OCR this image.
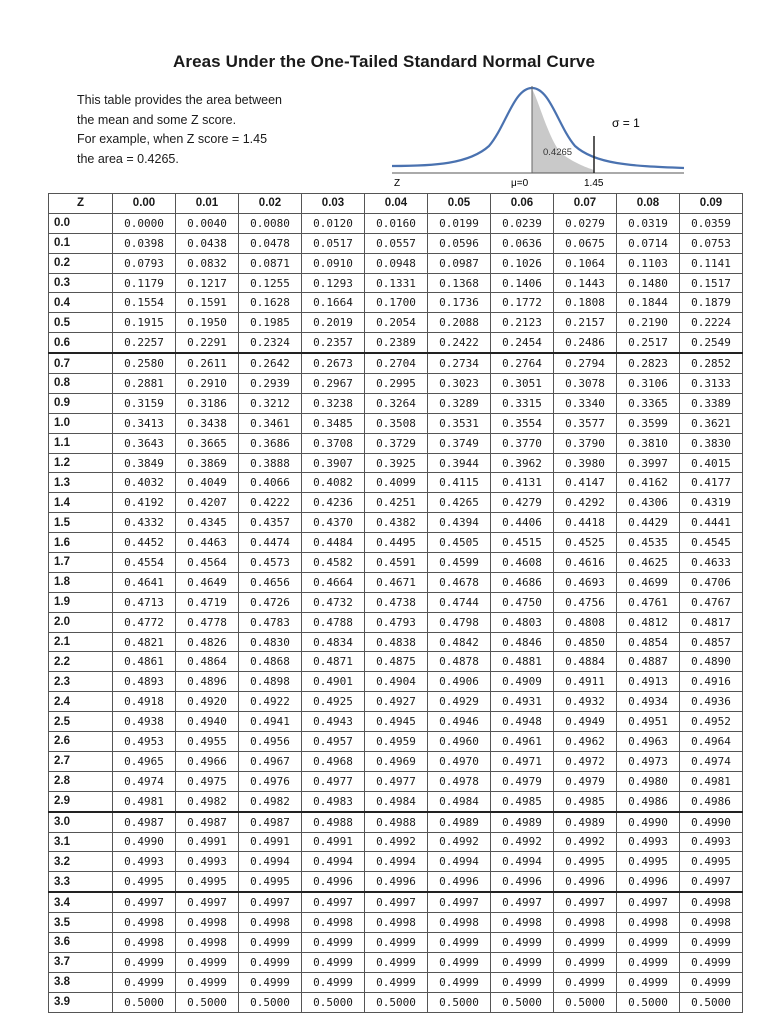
Areas Under the One-Tailed Standard Normal Curve
This table provides the area between
the mean and some Z score.
For example, when Z score = 1.45
the area = 0.4265.
σ = 1
0.4265
Z	μ=0	1.45
Z	0.00	0.01	0.02	0.03	0.04	0.05	0.06	0.07	0.08	0.09
0.0	0.0000	0.0040	0.0080	0.0120	0.0160	0.0199	0.0239	0.0279	0.0319	0.0359
0.1	0.0398	0.0438	0.0478	0.0517	0.0557	0.0596	0.0636	0.0675	0.0714	0.0753
0.2	0.0793	0.0832	0.0871	0.0910	0.0948	0.0987	0.1026	0.1064	0.1103	0.1141
0.3	0.1179	0.1217	0.1255	0.1293	0.1331	0.1368	0.1406	0.1443	0.1480	0.1517
0.4	0.1554	0.1591	0.1628	0.1664	0.1700	0.1736	0.1772	0.1808	0.1844	0.1879
0.5	0.1915	0.1950	0.1985	0.2019	0.2054	0.2088	0.2123	0.2157	0.2190	0.2224
0.6	0.2257	0.2291	0.2324	0.2357	0.2389	0.2422	0.2454	0.2486	0.2517	0.2549
0.7	0.2580	0.2611	0.2642	0.2673	0.2704	0.2734	0.2764	0.2794	0.2823	0.2852
0.8	0.2881	0.2910	0.2939	0.2967	0.2995	0.3023	0.3051	0.3078	0.3106	0.3133
0.9	0.3159	0.3186	0.3212	0.3238	0.3264	0.3289	0.3315	0.3340	0.3365	0.3389
1.0	0.3413	0.3438	0.3461	0.3485	0.3508	0.3531	0.3554	0.3577	0.3599	0.3621
1.1	0.3643	0.3665	0.3686	0.3708	0.3729	0.3749	0.3770	0.3790	0.3810	0.3830
1.2	0.3849	0.3869	0.3888	0.3907	0.3925	0.3944	0.3962	0.3980	0.3997	0.4015
1.3	0.4032	0.4049	0.4066	0.4082	0.4099	0.4115	0.4131	0.4147	0.4162	0.4177
1.4	0.4192	0.4207	0.4222	0.4236	0.4251	0.4265	0.4279	0.4292	0.4306	0.4319
1.5	0.4332	0.4345	0.4357	0.4370	0.4382	0.4394	0.4406	0.4418	0.4429	0.4441
1.6	0.4452	0.4463	0.4474	0.4484	0.4495	0.4505	0.4515	0.4525	0.4535	0.4545
1.7	0.4554	0.4564	0.4573	0.4582	0.4591	0.4599	0.4608	0.4616	0.4625	0.4633
1.8	0.4641	0.4649	0.4656	0.4664	0.4671	0.4678	0.4686	0.4693	0.4699	0.4706
1.9	0.4713	0.4719	0.4726	0.4732	0.4738	0.4744	0.4750	0.4756	0.4761	0.4767
2.0	0.4772	0.4778	0.4783	0.4788	0.4793	0.4798	0.4803	0.4808	0.4812	0.4817
2.1	0.4821	0.4826	0.4830	0.4834	0.4838	0.4842	0.4846	0.4850	0.4854	0.4857
2.2	0.4861	0.4864	0.4868	0.4871	0.4875	0.4878	0.4881	0.4884	0.4887	0.4890
2.3	0.4893	0.4896	0.4898	0.4901	0.4904	0.4906	0.4909	0.4911	0.4913	0.4916
2.4	0.4918	0.4920	0.4922	0.4925	0.4927	0.4929	0.4931	0.4932	0.4934	0.4936
2.5	0.4938	0.4940	0.4941	0.4943	0.4945	0.4946	0.4948	0.4949	0.4951	0.4952
2.6	0.4953	0.4955	0.4956	0.4957	0.4959	0.4960	0.4961	0.4962	0.4963	0.4964
2.7	0.4965	0.4966	0.4967	0.4968	0.4969	0.4970	0.4971	0.4972	0.4973	0.4974
2.8	0.4974	0.4975	0.4976	0.4977	0.4977	0.4978	0.4979	0.4979	0.4980	0.4981
2.9	0.4981	0.4982	0.4982	0.4983	0.4984	0.4984	0.4985	0.4985	0.4986	0.4986
3.0	0.4987	0.4987	0.4987	0.4988	0.4988	0.4989	0.4989	0.4989	0.4990	0.4990
3.1	0.4990	0.4991	0.4991	0.4991	0.4992	0.4992	0.4992	0.4992	0.4993	0.4993
3.2	0.4993	0.4993	0.4994	0.4994	0.4994	0.4994	0.4994	0.4995	0.4995	0.4995
3.3	0.4995	0.4995	0.4995	0.4996	0.4996	0.4996	0.4996	0.4996	0.4996	0.4997
3.4	0.4997	0.4997	0.4997	0.4997	0.4997	0.4997	0.4997	0.4997	0.4997	0.4998
3.5	0.4998	0.4998	0.4998	0.4998	0.4998	0.4998	0.4998	0.4998	0.4998	0.4998
3.6	0.4998	0.4998	0.4999	0.4999	0.4999	0.4999	0.4999	0.4999	0.4999	0.4999
3.7	0.4999	0.4999	0.4999	0.4999	0.4999	0.4999	0.4999	0.4999	0.4999	0.4999
3.8	0.4999	0.4999	0.4999	0.4999	0.4999	0.4999	0.4999	0.4999	0.4999	0.4999
3.9	0.5000	0.5000	0.5000	0.5000	0.5000	0.5000	0.5000	0.5000	0.5000	0.5000
